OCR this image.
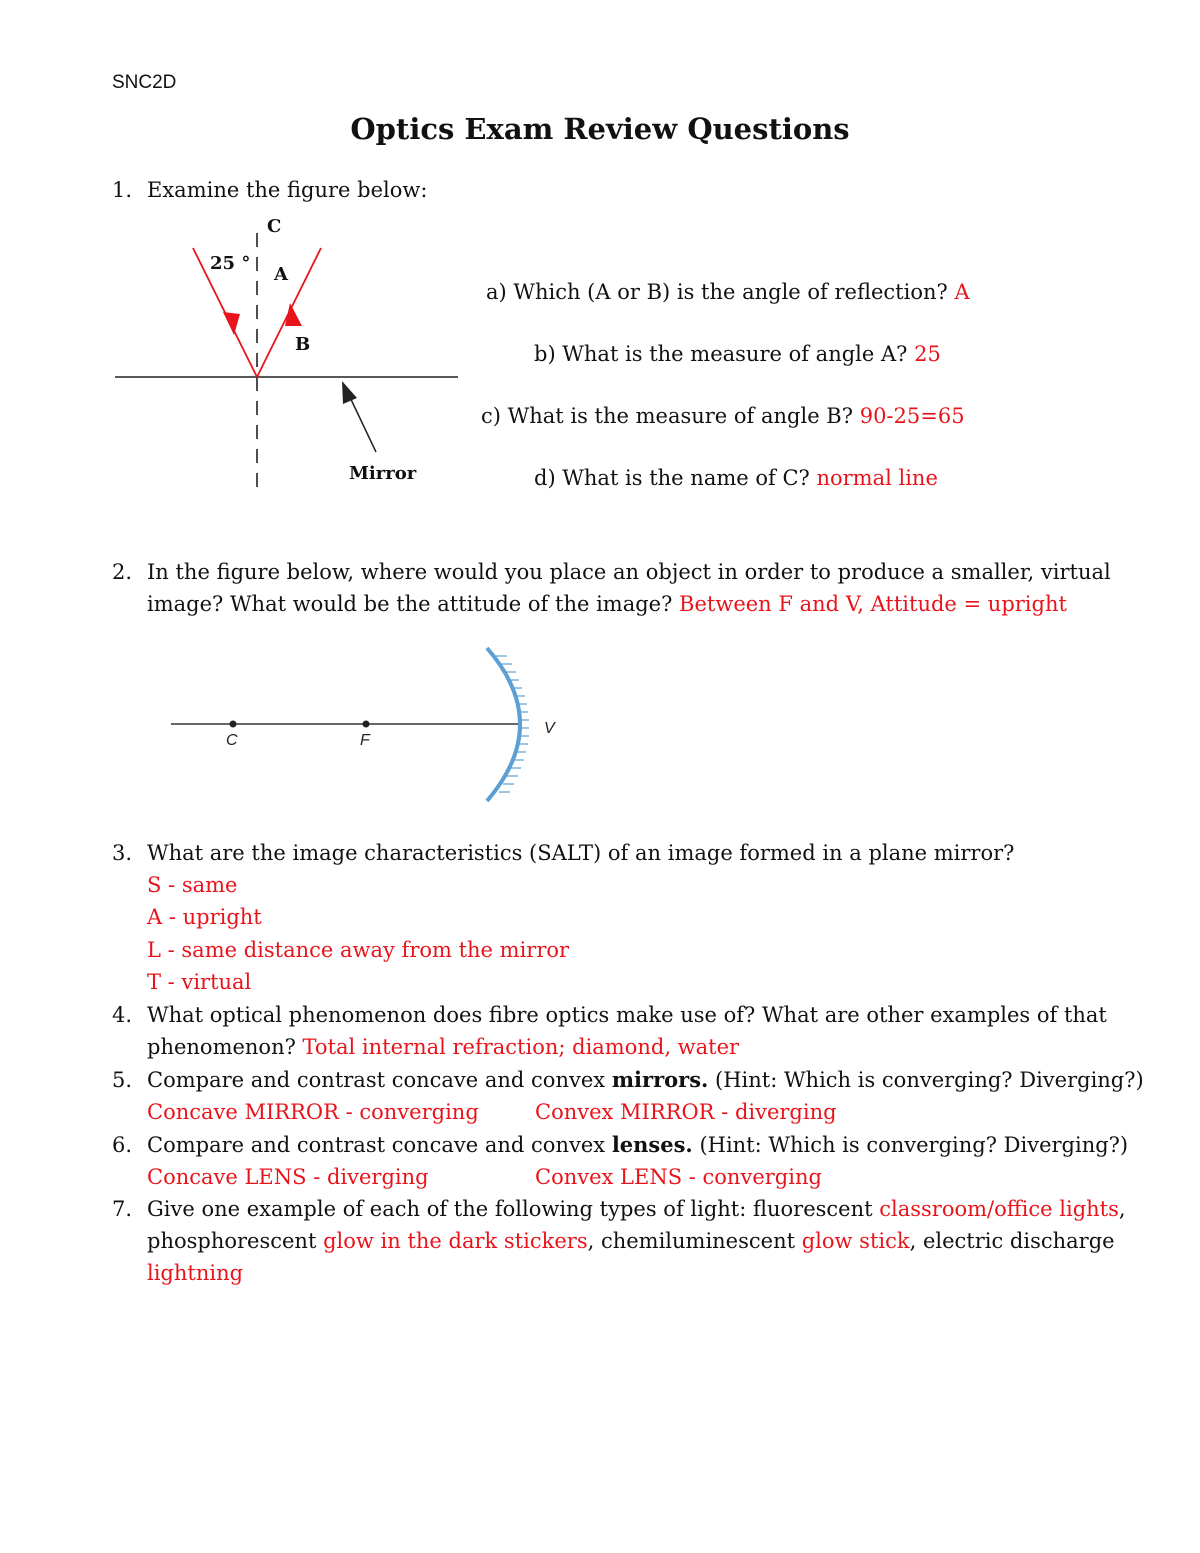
SNC2D
Optics Exam Review Questions
1. Examine the figure below:
C
25 °
A
B
Mirror
a) Which (A or B) is the angle of reflection? A
b) What is the measure of angle A? 25
c) What is the measure of angle B? 90-25=65
d) What is the name of C? normal line
2. In the figure below, where would you place an object in order to produce a smaller, virtual
image? What would be the attitude of the image? Between F and V, Attitude = upright
C	F
V
3. What are the image characteristics (SALT) of an image formed in a plane mirror?
S - same
A - upright
L - same distance away from the mirror
T - virtual
4. What optical phenomenon does fibre optics make use of? What are other examples of that
phenomenon? Total internal refraction; diamond, water
5. Compare and contrast concave and convex mirrors. (Hint: Which is converging? Diverging?)
Concave MIRROR - converging	Convex MIRROR - diverging
6. Compare and contrast concave and convex lenses. (Hint: Which is converging? Diverging?)
Concave LENS - diverging	Convex LENS - converging
7. Give one example of each of the following types of light: fluorescent classroom/office lights,
phosphorescent glow in the dark stickers, chemiluminescent glow stick, electric discharge
lightning
